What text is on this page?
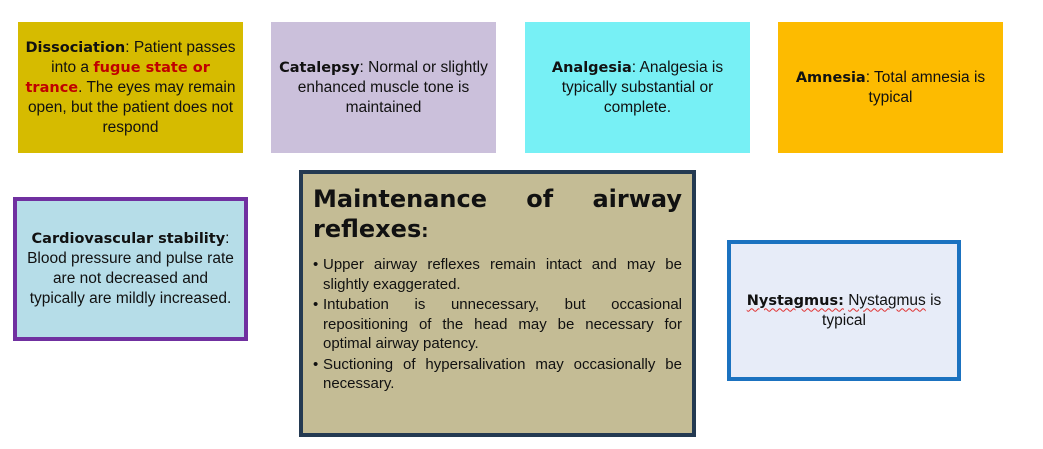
Dissociation: Patient passes into a fugue state or trance. The eyes may remain open, but the patient does not respond
Catalepsy: Normal or slightly enhanced muscle tone is maintained
Analgesia: Analgesia is typically substantial or complete.
Amnesia: Total amnesia is typical
Cardiovascular stability: Blood pressure and pulse rate are not decreased and typically are mildly increased.
Maintenance of airway reflexes:
• Upper airway reflexes remain intact and may be slightly exaggerated.
• Intubation is unnecessary, but occasional repositioning of the head may be necessary for optimal airway patency.
• Suctioning of hypersalivation may occasionally be necessary.
Nystagmus: Nystagmus is typical
